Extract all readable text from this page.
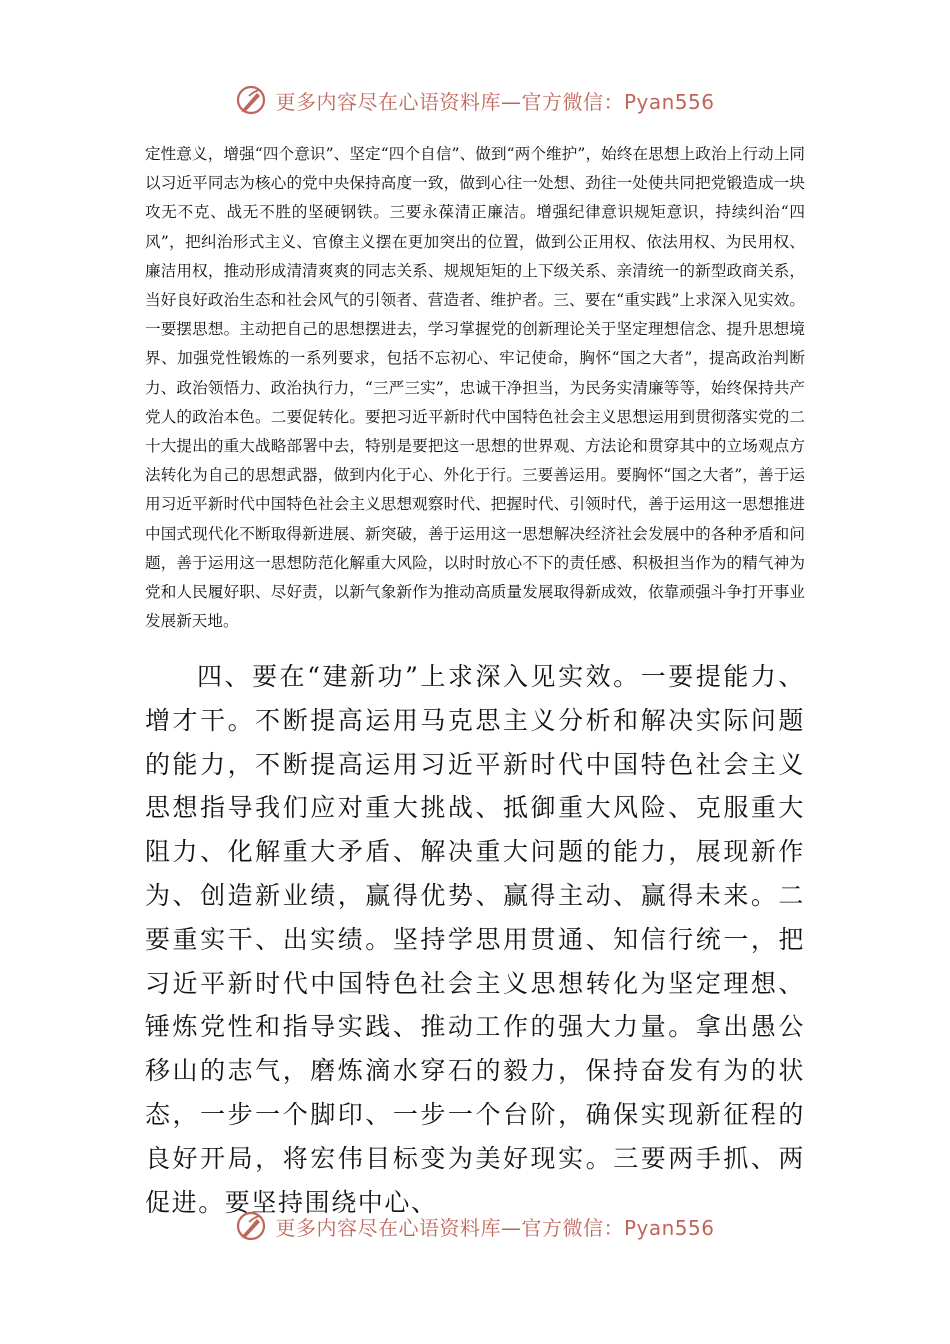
更多内容尽在心语资料库—官方微信：Pyan556

定性意义，增强“四个意识”、坚定“四个自信”、做到“两个维护”，始终在思想上政治上行动上同以习近平同志为核心的党中央保持高度一致，做到心往一处想、劲往一处使共同把党锻造成一块攻无不克、战无不胜的坚硬钢铁。三要永葆清正廉洁。增强纪律意识规矩意识，持续纠治“四风”，把纠治形式主义、官僚主义摆在更加突出的位置，做到公正用权、依法用权、为民用权、廉洁用权，推动形成清清爽爽的同志关系、规规矩矩的上下级关系、亲清统一的新型政商关系，当好良好政治生态和社会风气的引领者、营造者、维护者。三、要在“重实践”上求深入见实效。一要摆思想。主动把自己的思想摆进去，学习掌握党的创新理论关于坚定理想信念、提升思想境界、加强党性锻炼的一系列要求，包括不忘初心、牢记使命，胸怀“国之大者”，提高政治判断力、政治领悟力、政治执行力，“三严三实”，忠诚干净担当，为民务实清廉等等，始终保持共产党人的政治本色。二要促转化。要把习近平新时代中国特色社会主义思想运用到贯彻落实党的二十大提出的重大战略部署中去，特别是要把这一思想的世界观、方法论和贯穿其中的立场观点方法转化为自己的思想武器，做到内化于心、外化于行。三要善运用。要胸怀“国之大者”，善于运用习近平新时代中国特色社会主义思想观察时代、把握时代、引领时代，善于运用这一思想推进中国式现代化不断取得新进展、新突破，善于运用这一思想解决经济社会发展中的各种矛盾和问题，善于运用这一思想防范化解重大风险，以时时放心不下的责任感、积极担当作为的精气神为党和人民履好职、尽好责，以新气象新作为推动高质量发展取得新成效，依靠顽强斗争打开事业发展新天地。

四、要在“建新功”上求深入见实效。一要提能力、增才干。不断提高运用马克思主义分析和解决实际问题的能力，不断提高运用习近平新时代中国特色社会主义思想指导我们应对重大挑战、抵御重大风险、克服重大阻力、化解重大矛盾、解决重大问题的能力，展现新作为、创造新业绩，赢得优势、赢得主动、赢得未来。二要重实干、出实绩。坚持学思用贯通、知信行统一，把习近平新时代中国特色社会主义思想转化为坚定理想、锤炼党性和指导实践、推动工作的强大力量。拿出愚公移山的志气，磨炼滴水穿石的毅力，保持奋发有为的状态，一步一个脚印、一步一个台阶，确保实现新征程的良好开局，将宏伟目标变为美好现实。三要两手抓、两促进。要坚持围绕中心、

更多内容尽在心语资料库—官方微信：Pyan556
